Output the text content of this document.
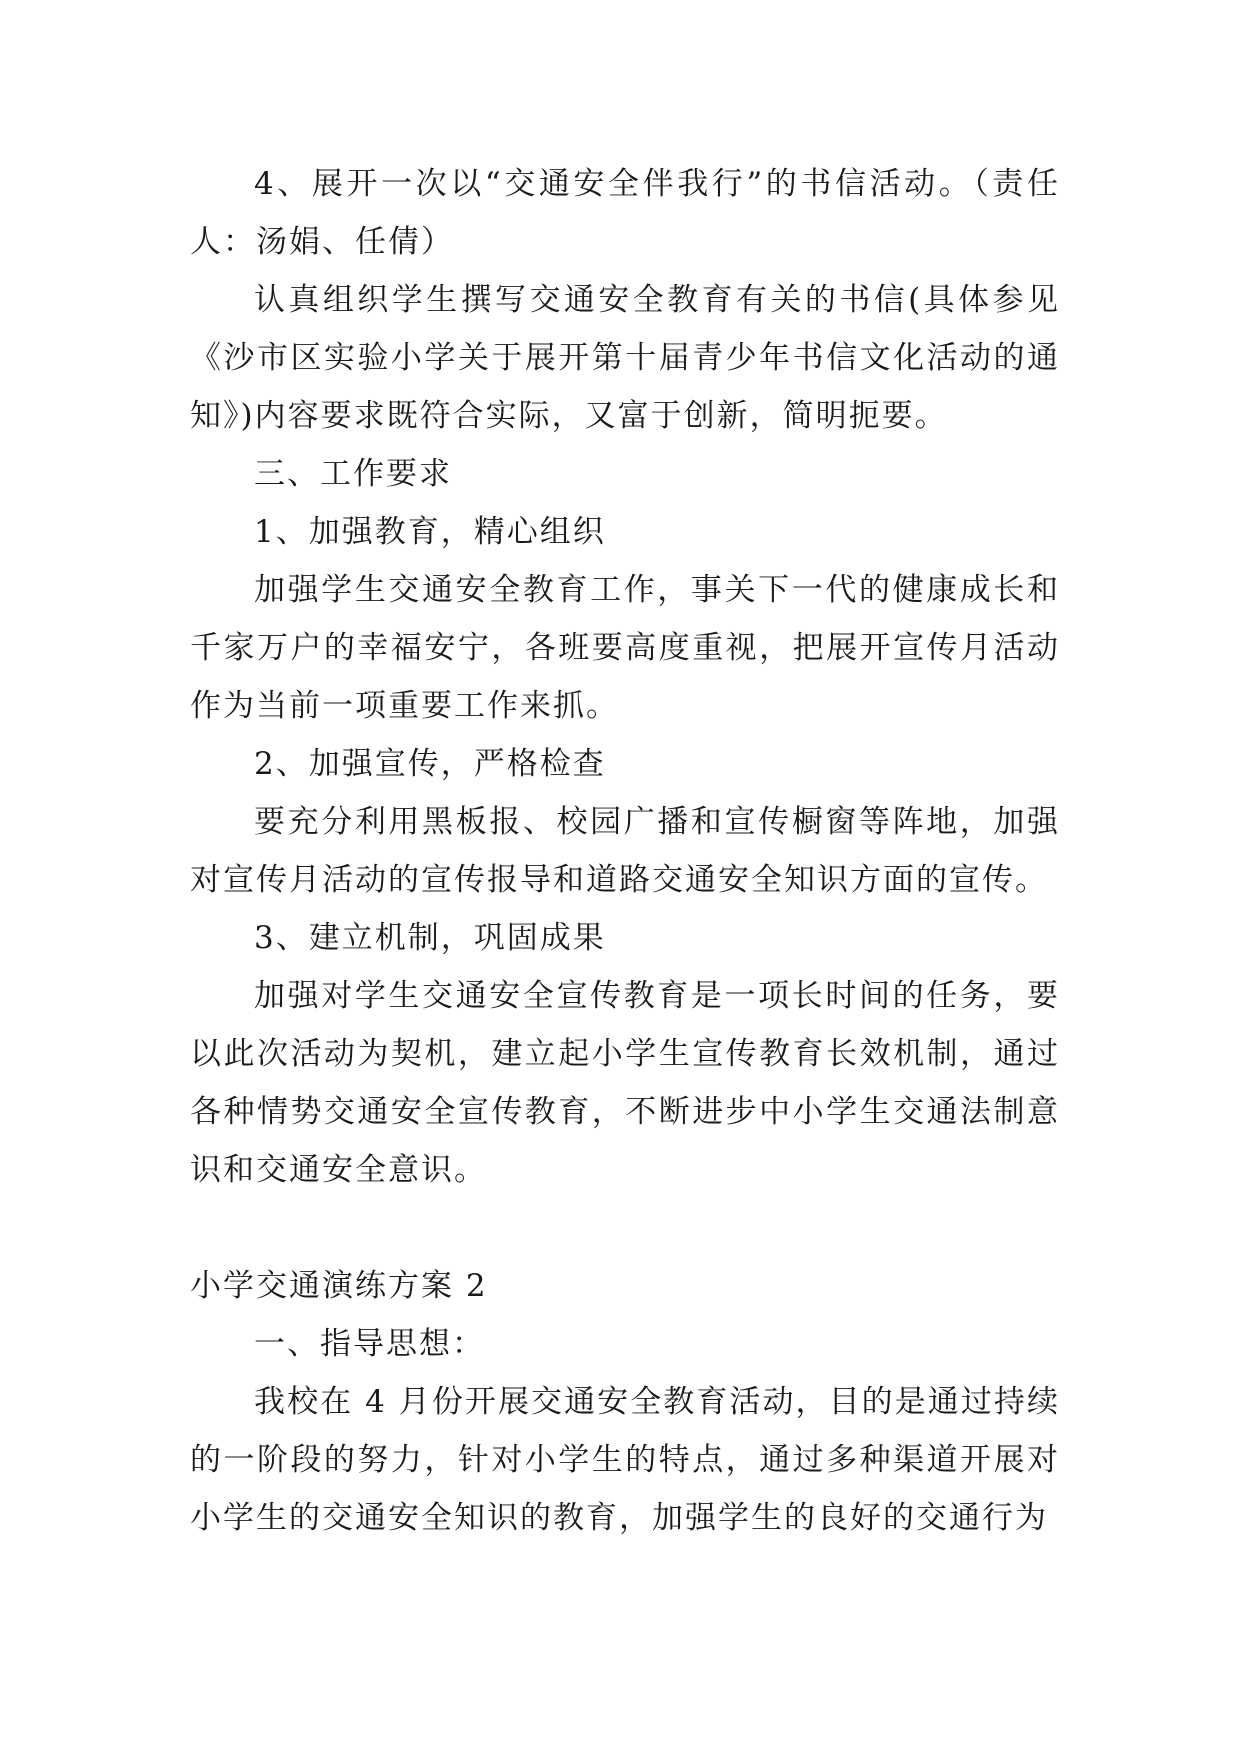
4、展开一次以“交通安全伴我行”的书信活动。（责任人：汤娟、任倩）

认真组织学生撰写交通安全教育有关的书信(具体参见《沙市区实验小学关于展开第十届青少年书信文化活动的通知》)内容要求既符合实际，又富于创新，简明扼要。

三、工作要求

1、加强教育，精心组织

加强学生交通安全教育工作，事关下一代的健康成长和千家万户的幸福安宁，各班要高度重视，把展开宣传月活动作为当前一项重要工作来抓。

2、加强宣传，严格检查

要充分利用黑板报、校园广播和宣传橱窗等阵地，加强对宣传月活动的宣传报导和道路交通安全知识方面的宣传。

3、建立机制，巩固成果

加强对学生交通安全宣传教育是一项长时间的任务，要以此次活动为契机，建立起小学生宣传教育长效机制，通过各种情势交通安全宣传教育，不断进步中小学生交通法制意识和交通安全意识。

小学交通演练方案 2

一、指导思想：

我校在 4 月份开展交通安全教育活动，目的是通过持续的一阶段的努力，针对小学生的特点，通过多种渠道开展对小学生的交通安全知识的教育，加强学生的良好的交通行为
